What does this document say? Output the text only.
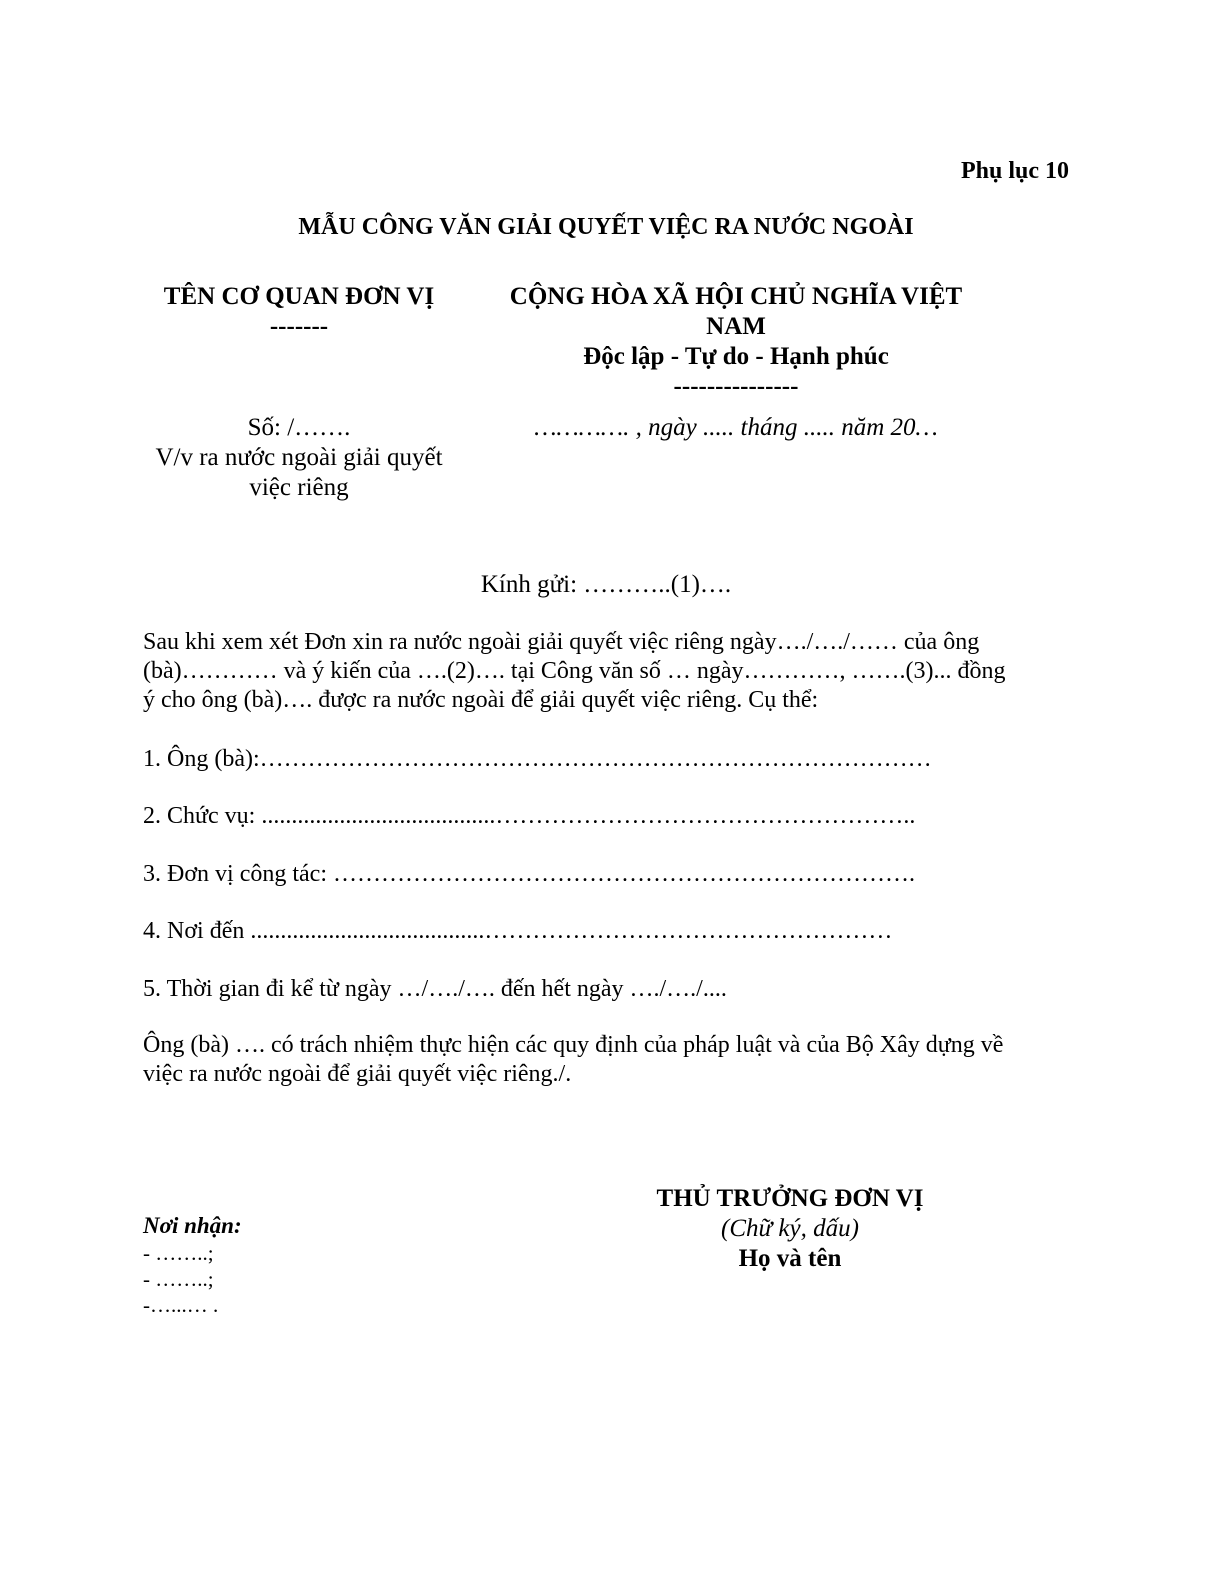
Phụ lục 10
MẪU CÔNG VĂN GIẢI QUYẾT VIỆC RA NƯỚC NGOÀI
TÊN CƠ QUAN ĐƠN VỊ
-------
Số: /…….
V/v ra nước ngoài giải quyết
việc riêng
CỘNG HÒA XÃ HỘI CHỦ NGHĨA VIỆT
NAM
Độc lập - Tự do - Hạnh phúc
---------------
…………. , ngày ..... tháng ..... năm 20…
Kính gửi: ………..(1)….
Sau khi xem xét Đơn xin ra nước ngoài giải quyết việc riêng ngày…./…./…… của ông
(bà)………… và ý kiến của ….(2)…. tại Công văn số … ngày…………, …….(3)... đồng
ý cho ông (bà)…. được ra nước ngoài để giải quyết việc riêng. Cụ thể:
1. Ông (bà):…………………………………………………………………………
2. Chức vụ: .......................................……………………………………………..
3. Đơn vị công tác: ……………………………………………………………….
4. Nơi đến .......................................……………………………………………
5. Thời gian đi kể từ ngày …/…./…. đến hết ngày …./…./....
Ông (bà) …. có trách nhiệm thực hiện các quy định của pháp luật và của Bộ Xây dựng về
việc ra nước ngoài để giải quyết việc riêng./.
Nơi nhận:
- ……..;
- ……..;
-…...… .
THỦ TRƯỞNG ĐƠN VỊ
(Chữ ký, dấu)
Họ và tên
